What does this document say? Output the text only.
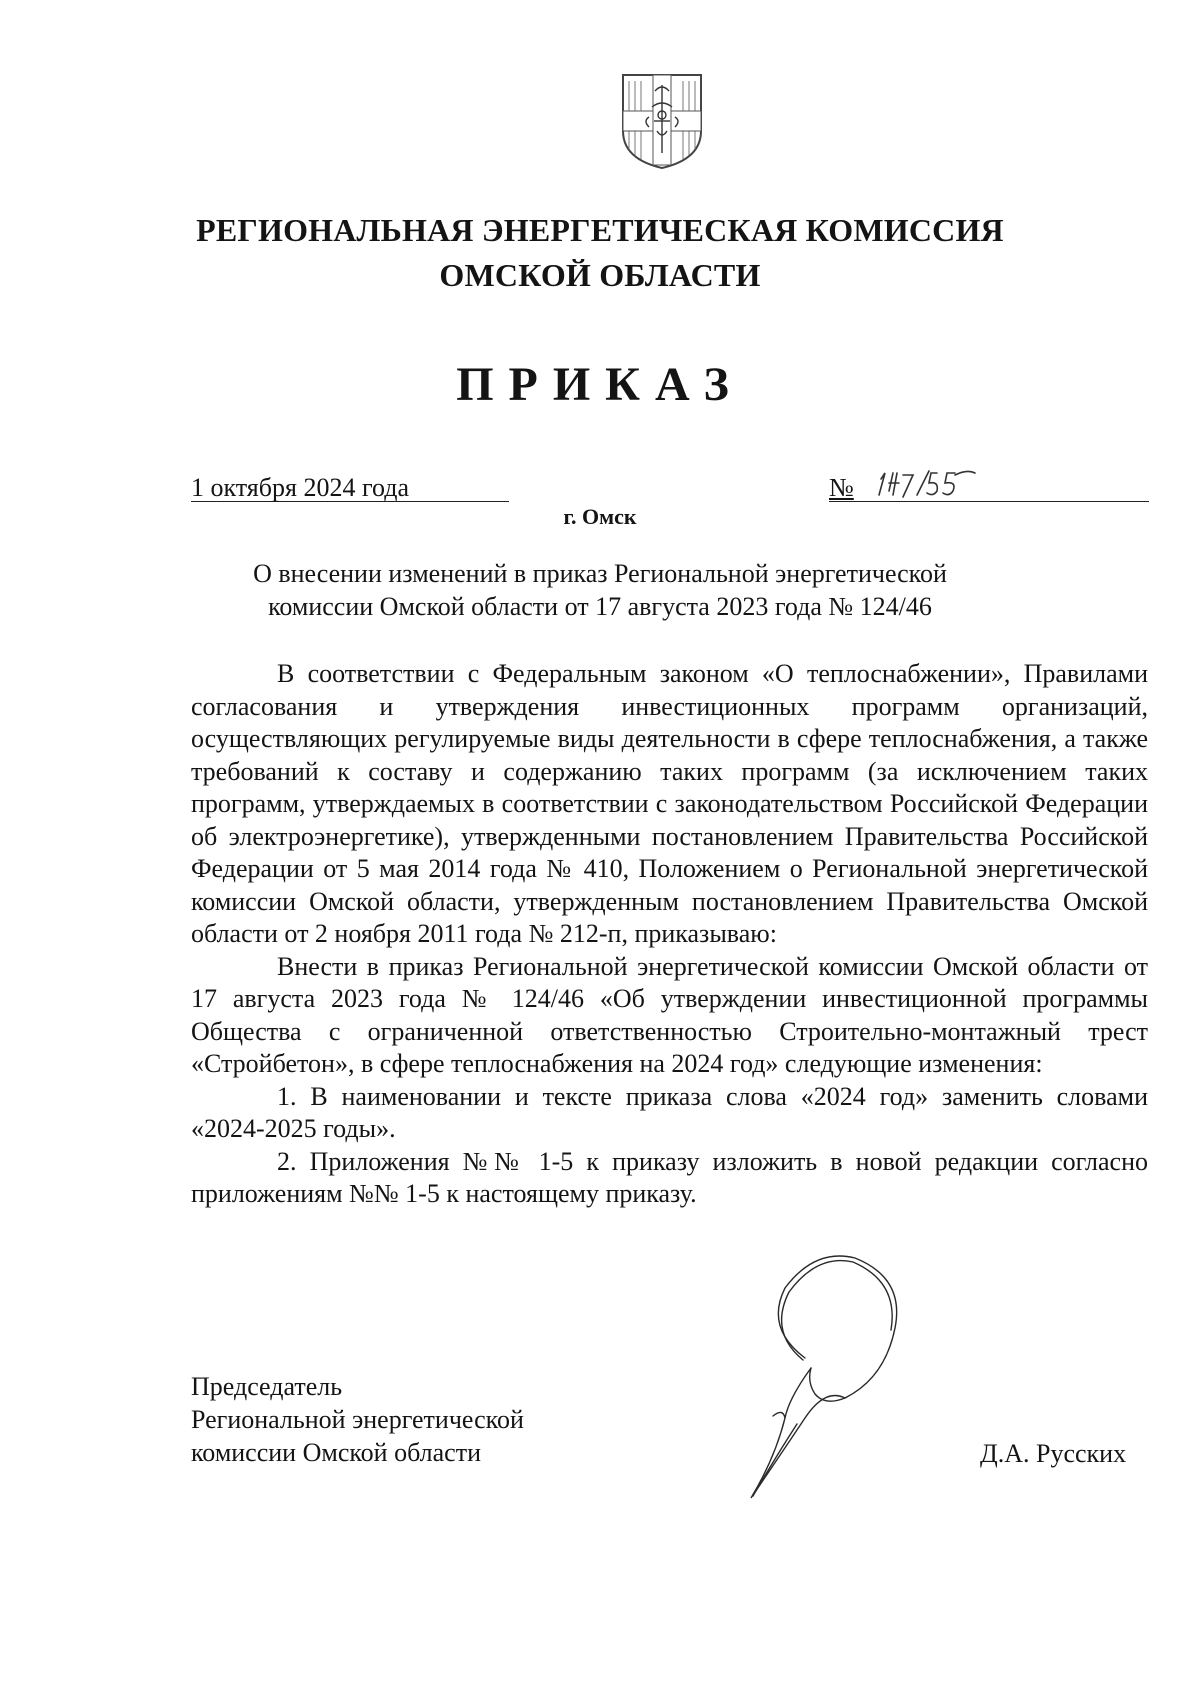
РЕГИОНАЛЬНАЯ ЭНЕРГЕТИЧЕСКАЯ КОМИССИЯ
ОМСКОЙ ОБЛАСТИ
ПРИКАЗ
1 октября 2024 года	№
г. Омск
О внесении изменений в приказ Региональной энергетической
комиссии Омской области от 17 августа 2023 года № 124/46

В соответствии с Федеральным законом «О теплоснабжении», Правилами согласования и утверждения инвестиционных программ организаций, осуществляющих регулируемые виды деятельности в сфере теплоснабжения, а также требований к составу и содержанию таких программ (за исключением таких программ, утверждаемых в соответствии с законодательством Российской Федерации об электроэнергетике), утвержденными постановлением Правительства Российской Федерации от 5 мая 2014 года № 410, Положением о Региональной энергетической комиссии Омской области, утвержденным постановлением Правительства Омской области от 2 ноября 2011 года № 212-п, приказываю:

Внести в приказ Региональной энергетической комиссии Омской области от 17 августа 2023 года № 124/46 «Об утверждении инвестиционной программы Общества с ограниченной ответственностью Строительно-монтажный трест «Стройбетон», в сфере теплоснабжения на 2024 год» следующие изменения:

1. В наименовании и тексте приказа слова «2024 год» заменить словами «2024-2025 годы».

2. Приложения №№ 1-5 к приказу изложить в новой редакции согласно приложениям №№ 1-5 к настоящему приказу.

Председатель
Региональной энергетической
комиссии Омской области	Д.А. Русских
